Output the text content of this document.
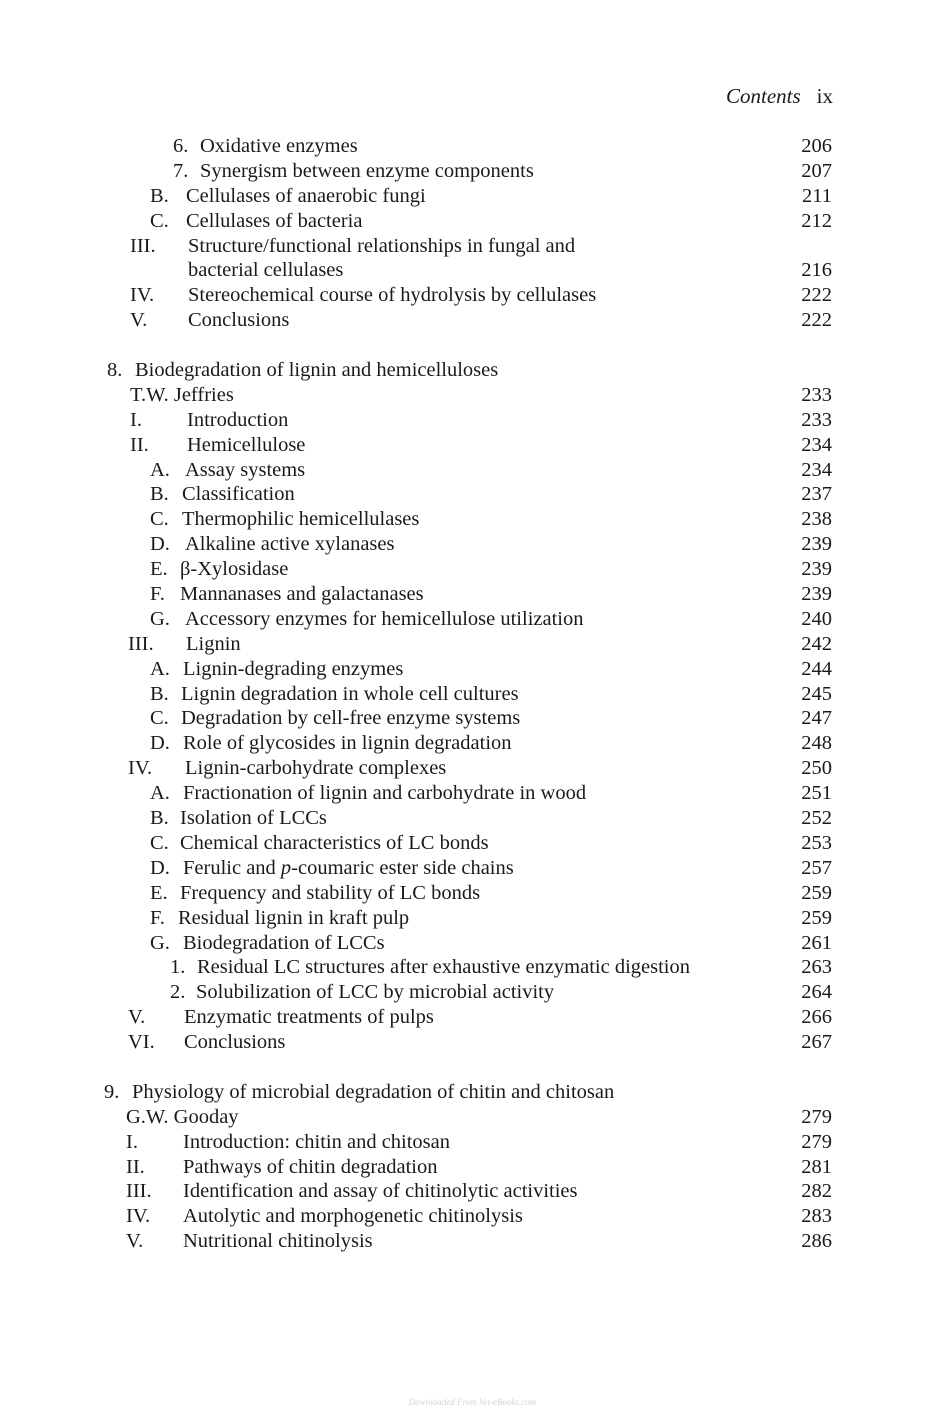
Contents ix
6. Oxidative enzymes	206
7. Synergism between enzyme components	207
B. Cellulases of anaerobic fungi	211
C. Cellulases of bacteria	212
III. Structure/functional relationships in fungal and
bacterial cellulases	216
IV. Stereochemical course of hydrolysis by cellulases	222
V. Conclusions	222
8. Biodegradation of lignin and hemicelluloses
T.W. Jeffries	233
I. Introduction	233
II. Hemicellulose	234
A. Assay systems	234
B. Classification	237
C. Thermophilic hemicellulases	238
D. Alkaline active xylanases	239
E. β-Xylosidase	239
F. Mannanases and galactanases	239
G. Accessory enzymes for hemicellulose utilization	240
III. Lignin	242
A. Lignin-degrading enzymes	244
B. Lignin degradation in whole cell cultures	245
C. Degradation by cell-free enzyme systems	247
D. Role of glycosides in lignin degradation	248
IV. Lignin-carbohydrate complexes	250
A. Fractionation of lignin and carbohydrate in wood	251
B. Isolation of LCCs	252
C. Chemical characteristics of LC bonds	253
D. Ferulic and p-coumaric ester side chains	257
E. Frequency and stability of LC bonds	259
F. Residual lignin in kraft pulp	259
G. Biodegradation of LCCs	261
1. Residual LC structures after exhaustive enzymatic digestion	263
2. Solubilization of LCC by microbial activity	264
V. Enzymatic treatments of pulps	266
VI. Conclusions	267
9. Physiology of microbial degradation of chitin and chitosan
G.W. Gooday	279
I. Introduction: chitin and chitosan	279
II. Pathways of chitin degradation	281
III. Identification and assay of chitinolytic activities	282
IV. Autolytic and morphogenetic chitinolysis	283
V. Nutritional chitinolysis	286
Downloaded From Vet-eBooks.com
